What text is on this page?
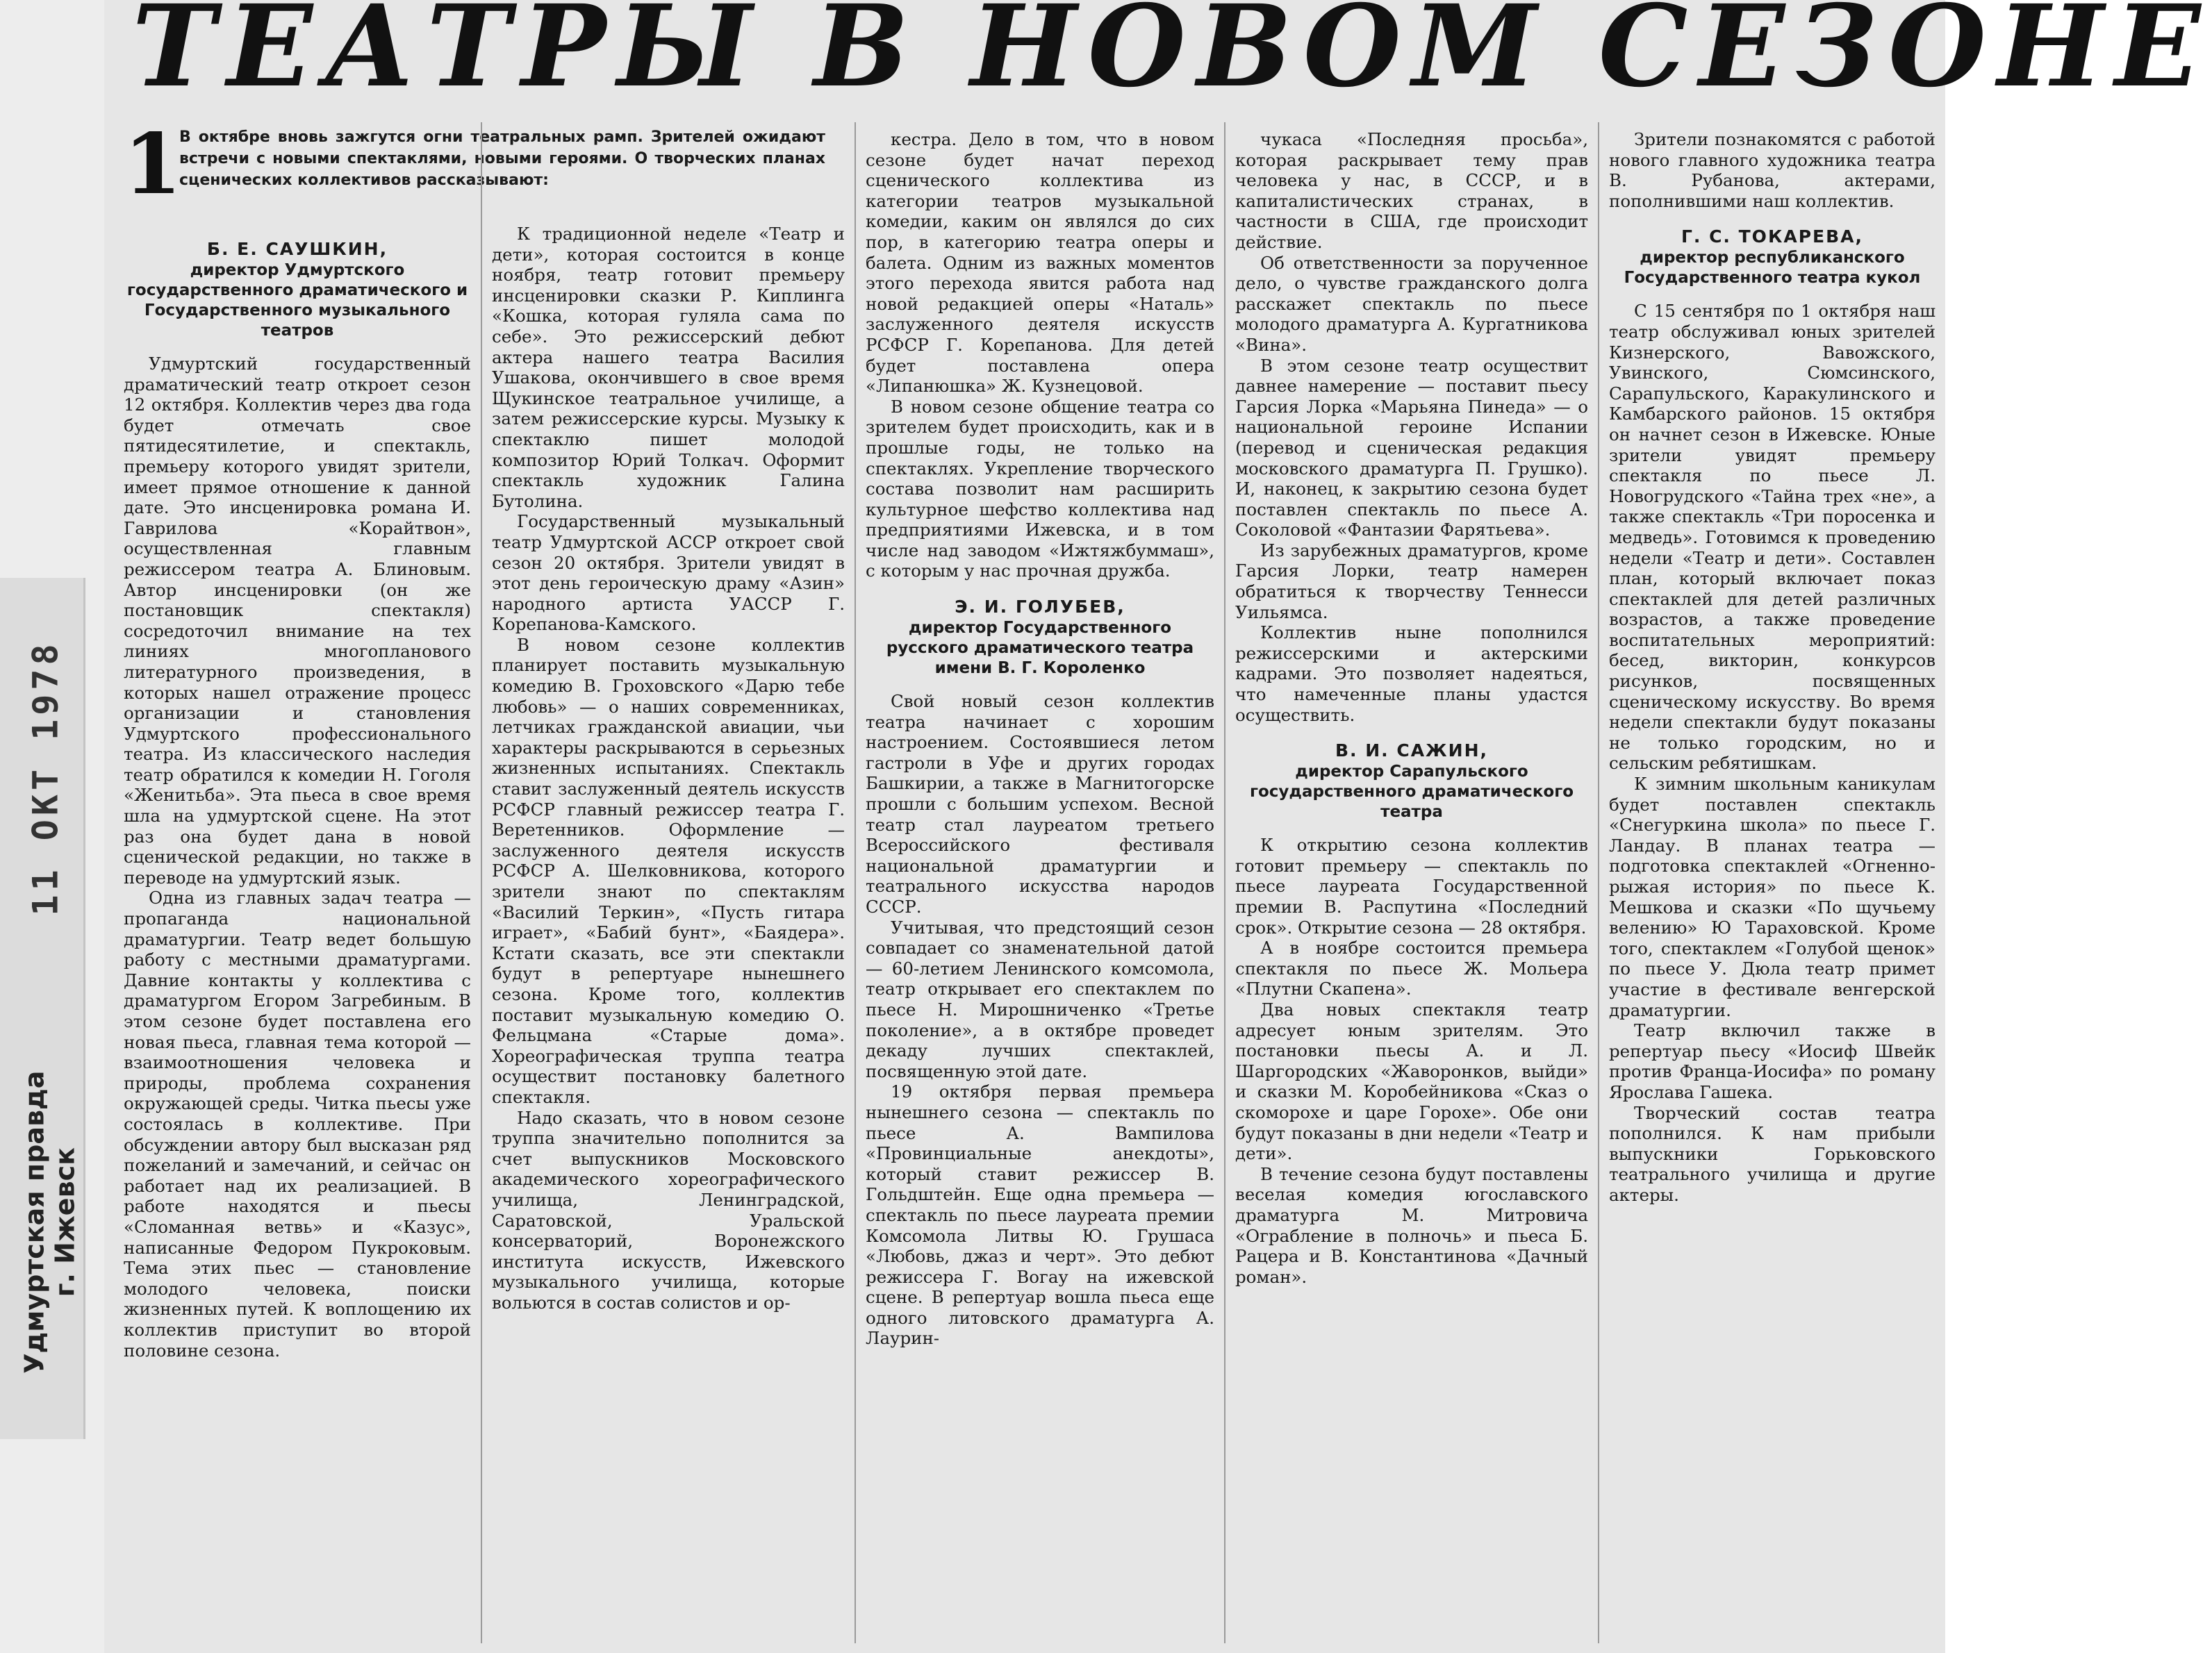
ТЕАТРЫ В НОВОМ СЕЗОНЕ
11 ОКТ 1978
Удмуртская правда г. Ижевск
1
В октябре вновь зажгутся огни театральных рамп. Зрителей ожидают встречи с новыми спектаклями, новыми героями. О творческих планах сценических коллективов рассказывают:
Б. Е. САУШКИН,
директор Удмуртского государственного драматического и Государственного музыкального театров

Удмуртский государственный драматический театр откроет сезон 12 октября. Коллектив через два года будет отмечать свое пятидесятилетие, и спектакль, премьеру которого увидят зрители, имеет прямое отношение к данной дате. Это инсценировка романа И. Гаврилова «Корайтвон», осуществленная главным режиссером театра А. Блиновым. Автор инсценировки (он же постановщик спектакля) сосредоточил внимание на тех линиях многопланового литературного произведения, в которых нашел отражение процесс организации и становления Удмуртского профессионального театра. Из классического наследия театр обратился к комедии Н. Гоголя «Женитьба». Эта пьеса в свое время шла на удмуртской сцене. На этот раз она будет дана в новой сценической редакции, но также в переводе на удмуртский язык.

Одна из главных задач театра — пропаганда национальной драматургии. Театр ведет большую работу с местными драматургами. Давние контакты у коллектива с драматургом Егором Загребиным. В этом сезоне будет поставлена его новая пьеса, главная тема которой — взаимоотношения человека и природы, проблема сохранения окружающей среды. Читка пьесы уже состоялась в коллективе. При обсуждении автору был высказан ряд пожеланий и замечаний, и сейчас он работает над их реализацией. В работе находятся и пьесы «Сломанная ветвь» и «Казус», написанные Федором Пукроковым. Тема этих пьес — становление молодого человека, поиски жизненных путей. К воплощению их коллектив приступит во второй половине сезона.

К традиционной неделе «Театр и дети», которая состоится в конце ноября, театр готовит премьеру инсценировки сказки Р. Киплинга «Кошка, которая гуляла сама по себе». Это режиссерский дебют актера нашего театра Василия Ушакова, окончившего в свое время Щукинское театральное училище, а затем режиссерские курсы. Музыку к спектаклю пишет молодой композитор Юрий Толкач. Оформит спектакль художник Галина Бутолина.

Государственный музыкальный театр Удмуртской АССР откроет свой сезон 20 октября. Зрители увидят в этот день героическую драму «Азин» народного артиста УАССР Г. Корепанова-Камского.

В новом сезоне коллектив планирует поставить музыкальную комедию В. Гроховского «Дарю тебе любовь» — о наших современниках, летчиках гражданской авиации, чьи характеры раскрываются в серьезных жизненных испытаниях. Спектакль ставит заслуженный деятель искусств РСФСР главный режиссер театра Г. Веретенников. Оформление — заслуженного деятеля искусств РСФСР А. Шелковникова, которого зрители знают по спектаклям «Василий Теркин», «Пусть гитара играет», «Бабий бунт», «Баядера». Кстати сказать, все эти спектакли будут в репертуаре нынешнего сезона. Кроме того, коллектив поставит музыкальную комедию О. Фельцмана «Старые дома». Хореографическая труппа театра осуществит постановку балетного спектакля.

Надо сказать, что в новом сезоне труппа значительно пополнится за счет выпускников Московского академического хореографического училища, Ленинградской, Саратовской, Уральской консерваторий, Воронежского института искусств, Ижевского музыкального училища, которые вольются в состав солистов и ор-

кестра. Дело в том, что в новом сезоне будет начат переход сценического коллектива из категории театров музыкальной комедии, каким он являлся до сих пор, в категорию театра оперы и балета. Одним из важных моментов этого перехода явится работа над новой редакцией оперы «Наталь» заслуженного деятеля искусств РСФСР Г. Корепанова. Для детей будет поставлена опера «Липанюшка» Ж. Кузнецовой.

В новом сезоне общение театра со зрителем будет происходить, как и в прошлые годы, не только на спектаклях. Укрепление творческого состава позволит нам расширить культурное шефство коллектива над предприятиями Ижевска, и в том числе над заводом «Ижтяжбуммаш», с которым у нас прочная дружба.

Э. И. ГОЛУБЕВ,
директор Государственного русского драматического театра имени В. Г. Короленко

Свой новый сезон коллектив театра начинает с хорошим настроением. Состоявшиеся летом гастроли в Уфе и других городах Башкирии, а также в Магнитогорске прошли с большим успехом. Весной театр стал лауреатом третьего Всероссийского фестиваля национальной драматургии и театрального искусства народов СССР.

Учитывая, что предстоящий сезон совпадает со знаменательной датой — 60-летием Ленинского комсомола, театр открывает его спектаклем по пьесе Н. Мирошниченко «Третье поколение», а в октябре проведет декаду лучших спектаклей, посвященную этой дате.

19 октября первая премьера нынешнего сезона — спектакль по пьесе А. Вампилова «Провинциальные анекдоты», который ставит режиссер В. Гольдштейн. Еще одна премьера — спектакль по пьесе лауреата премии Комсомола Литвы Ю. Грушаса «Любовь, джаз и черт». Это дебют режиссера Г. Вогау на ижевской сцене. В репертуар вошла пьеса еще одного литовского драматурга А. Лаурин-

чукаса «Последняя просьба», которая раскрывает тему прав человека у нас, в СССР, и в капиталистических странах, в частности в США, где происходит действие.

Об ответственности за порученное дело, о чувстве гражданского долга расскажет спектакль по пьесе молодого драматурга А. Кургатникова «Вина».

В этом сезоне театр осуществит давнее намерение — поставит пьесу Гарсия Лорка «Марьяна Пинеда» — о национальной героине Испании (перевод и сценическая редакция московского драматурга П. Грушко). И, наконец, к закрытию сезона будет поставлен спектакль по пьесе А. Соколовой «Фантазии Фарятьева».

Из зарубежных драматургов, кроме Гарсия Лорки, театр намерен обратиться к творчеству Теннесси Уильямса.

Коллектив ныне пополнился режиссерскими и актерскими кадрами. Это позволяет надеяться, что намеченные планы удастся осуществить.

В. И. САЖИН,
директор Сарапульского государственного драматического театра

К открытию сезона коллектив готовит премьеру — спектакль по пьесе лауреата Государственной премии В. Распутина «Последний срок». Открытие сезона — 28 октября.

А в ноябре состоится премьера спектакля по пьесе Ж. Мольера «Плутни Скапена».

Два новых спектакля театр адресует юным зрителям. Это постановки пьесы А. и Л. Шаргородских «Жаворонков, выйди» и сказки М. Коробейникова «Сказ о скоморохе и царе Горохе». Обе они будут показаны в дни недели «Театр и дети».

В течение сезона будут поставлены веселая комедия югославского драматурга М. Митровича «Ограбление в полночь» и пьеса Б. Рацера и В. Константинова «Дачный роман».

Зрители познакомятся с работой нового главного художника театра В. Рубанова, актерами, пополнившими наш коллектив.

Г. С. ТОКАРЕВА,
директор республиканского Государственного театра кукол

С 15 сентября по 1 октября наш театр обслуживал юных зрителей Кизнерского, Вавожского, Увинского, Сюмсинского, Сарапульского, Каракулинского и Камбарского районов. 15 октября он начнет сезон в Ижевске. Юные зрители увидят премьеру спектакля по пьесе Л. Новогрудского «Тайна трех «не», а также спектакль «Три поросенка и медведь». Готовимся к проведению недели «Театр и дети». Составлен план, который включает показ спектаклей для детей различных возрастов, а также проведение воспитательных мероприятий: бесед, викторин, конкурсов рисунков, посвященных сценическому искусству. Во время недели спектакли будут показаны не только городским, но и сельским ребятишкам.

К зимним школьным каникулам будет поставлен спектакль «Снегуркина школа» по пьесе Г. Ландау. В планах театра — подготовка спектаклей «Огненно-рыжая история» по пьесе К. Мешкова и сказки «По щучьему велению» Ю Тараховской. Кроме того, спектаклем «Голубой щенок» по пьесе У. Дюла театр примет участие в фестивале венгерской драматургии.

Театр включил также в репертуар пьесу «Иосиф Швейк против Франца-Иосифа» по роману Ярослава Гашека.

Творческий состав театра пополнился. К нам прибыли выпускники Горьковского театрального училища и другие актеры.
